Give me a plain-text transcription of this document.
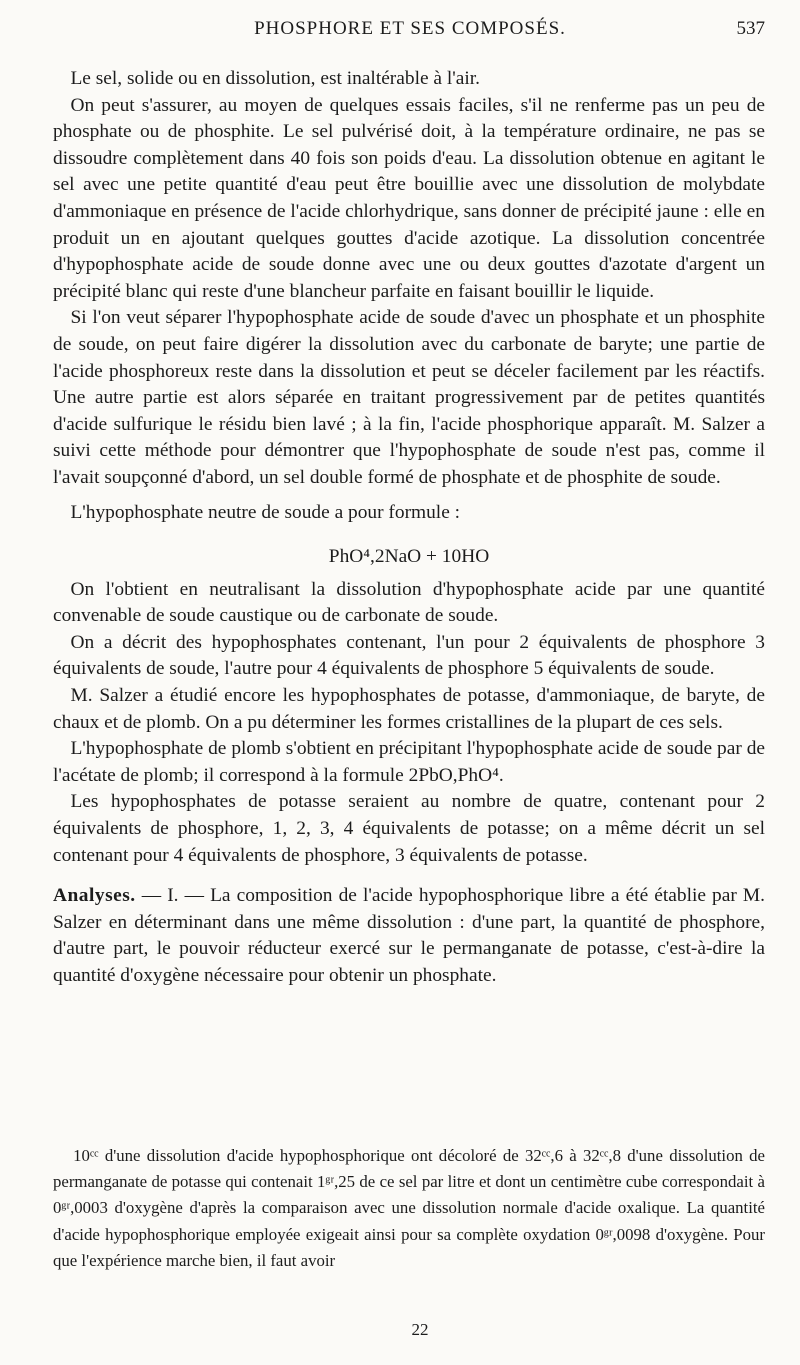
PHOSPHORE ET SES COMPOSÉS.	537

Le sel, solide ou en dissolution, est inaltérable à l'air.

On peut s'assurer, au moyen de quelques essais faciles, s'il ne renferme pas un peu de phosphate ou de phosphite. Le sel pulvérisé doit, à la température ordinaire, ne pas se dissoudre complètement dans 40 fois son poids d'eau. La dissolution obtenue en agitant le sel avec une petite quantité d'eau peut être bouillie avec une dissolution de molybdate d'ammoniaque en présence de l'acide chlorhydrique, sans donner de précipité jaune : elle en produit un en ajoutant quelques gouttes d'acide azotique. La dissolution concentrée d'hypophosphate acide de soude donne avec une ou deux gouttes d'azotate d'argent un précipité blanc qui reste d'une blancheur parfaite en faisant bouillir le liquide.

Si l'on veut séparer l'hypophosphate acide de soude d'avec un phosphate et un phosphite de soude, on peut faire digérer la dissolution avec du carbonate de baryte; une partie de l'acide phosphoreux reste dans la dissolution et peut se déceler facilement par les réactifs. Une autre partie est alors séparée en traitant progressivement par de petites quantités d'acide sulfurique le résidu bien lavé ; à la fin, l'acide phosphorique apparaît. M. Salzer a suivi cette méthode pour démontrer que l'hypophosphate de soude n'est pas, comme il l'avait soupçonné d'abord, un sel double formé de phosphate et de phosphite de soude.

L'hypophosphate neutre de soude a pour formule :

PhO⁴,2NaO + 10HO

On l'obtient en neutralisant la dissolution d'hypophosphate acide par une quantité convenable de soude caustique ou de carbonate de soude.

On a décrit des hypophosphates contenant, l'un pour 2 équivalents de phosphore 3 équivalents de soude, l'autre pour 4 équivalents de phosphore 5 équivalents de soude.

M. Salzer a étudié encore les hypophosphates de potasse, d'ammoniaque, de baryte, de chaux et de plomb. On a pu déterminer les formes cristallines de la plupart de ces sels.

L'hypophosphate de plomb s'obtient en précipitant l'hypophosphate acide de soude par de l'acétate de plomb; il correspond à la formule 2PbO,PhO⁴.

Les hypophosphates de potasse seraient au nombre de quatre, contenant pour 2 équivalents de phosphore, 1, 2, 3, 4 équivalents de potasse; on a même décrit un sel contenant pour 4 équivalents de phosphore, 3 équivalents de potasse.

Analyses. — I. — La composition de l'acide hypophosphorique libre a été établie par M. Salzer en déterminant dans une même dissolution : d'une part, la quantité de phosphore, d'autre part, le pouvoir réducteur exercé sur le permanganate de potasse, c'est-à-dire la quantité d'oxygène nécessaire pour obtenir un phosphate.

10ᶜᶜ d'une dissolution d'acide hypophosphorique ont décoloré de 32ᶜᶜ,6 à 32ᶜᶜ,8 d'une dissolution de permanganate de potasse qui contenait 1ᵍʳ,25 de ce sel par litre et dont un centimètre cube correspondait à 0ᵍʳ,0003 d'oxygène d'après la comparaison avec une dissolution normale d'acide oxalique. La quantité d'acide hypophosphorique employée exigeait ainsi pour sa complète oxydation 0ᵍʳ,0098 d'oxygène. Pour que l'expérience marche bien, il faut avoir

22
